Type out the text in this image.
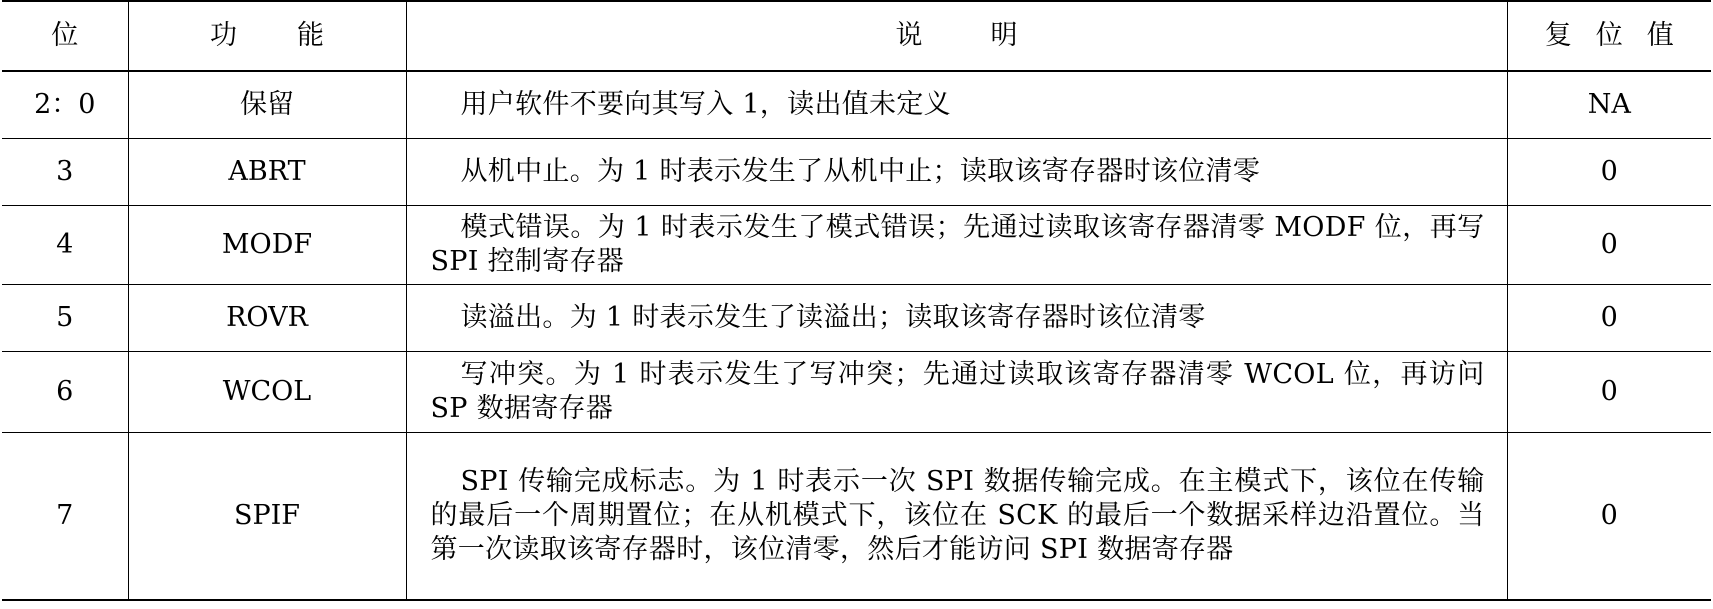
位	功能	说明	复位值
2：0	保留	用户软件不要向其写入 1，读出值未定义	NA
3	ABRT	从机中止。为 1 时表示发生了从机中止；读取该寄存器时该位清零	0
4	MODF	模式错误。为 1 时表示发生了模式错误；先通过读取该寄存器清零 MODF 位，再写 SPI 控制寄存器	0
5	ROVR	读溢出。为 1 时表示发生了读溢出；读取该寄存器时该位清零	0
6	WCOL	写冲突。为 1 时表示发生了写冲突；先通过读取该寄存器清零 WCOL 位，再访问 SP 数据寄存器	0
7	SPIF	SPI 传输完成标志。为 1 时表示一次 SPI 数据传输完成。在主模式下，该位在传输的最后一个周期置位；在从机模式下，该位在 SCK 的最后一个数据采样边沿置位。当第一次读取该寄存器时，该位清零，然后才能访问 SPI 数据寄存器	0
